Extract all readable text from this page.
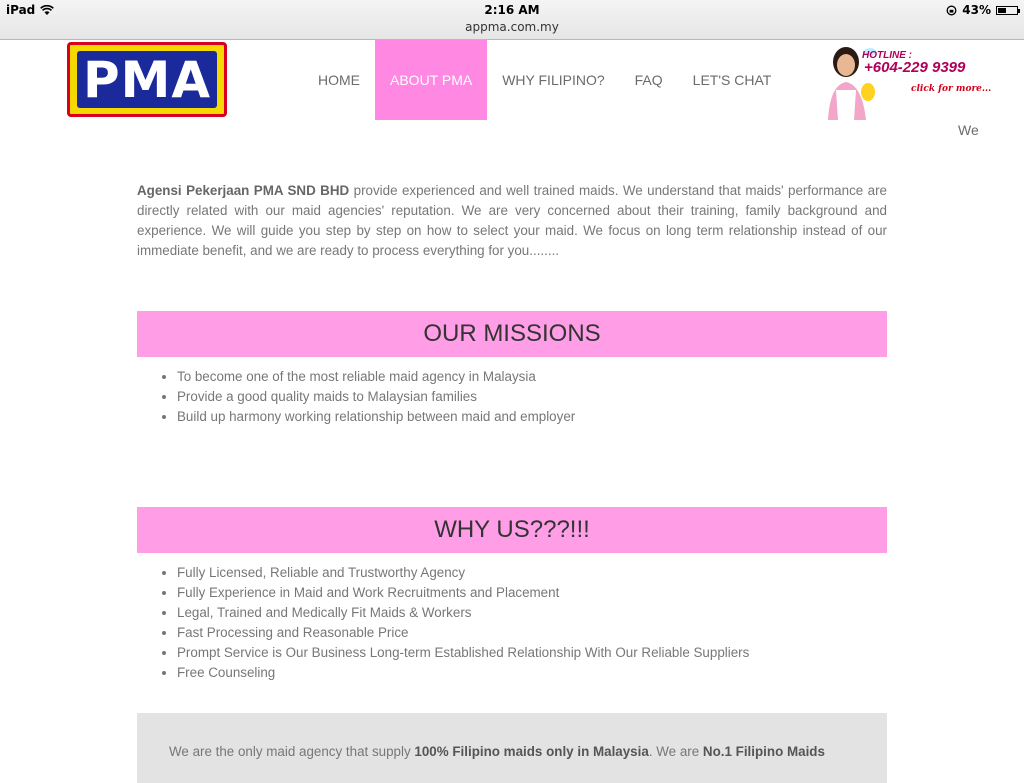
iPad	2:16 AM
appma.com.my
43%
PMA	HOME	ABOUT PMA	WHY FILIPINO?	FAQ	LET'S CHAT
HOTLINE :
+604-229 9399
click for more...
We
Agensi Pekerjaan PMA SND BHD provide experienced and well trained maids. We understand that maids' performance are directly related with our maid agencies' reputation. We are very concerned about their training, family background and experience. We will guide you step by step on how to select your maid. We focus on long term relationship instead of our immediate benefit, and we are ready to process everything for you........
OUR MISSIONS
• To become one of the most reliable maid agency in Malaysia
• Provide a good quality maids to Malaysian families
• Build up harmony working relationship between maid and employer
WHY US???!!!
• Fully Licensed, Reliable and Trustworthy Agency
• Fully Experience in Maid and Work Recruitments and Placement
• Legal, Trained and Medically Fit Maids & Workers
• Fast Processing and Reasonable Price
• Prompt Service is Our Business Long-term Established Relationship With Our Reliable Suppliers
• Free Counseling
We are the only maid agency that supply 100% Filipino maids only in Malaysia. We are No.1 Filipino Maids
